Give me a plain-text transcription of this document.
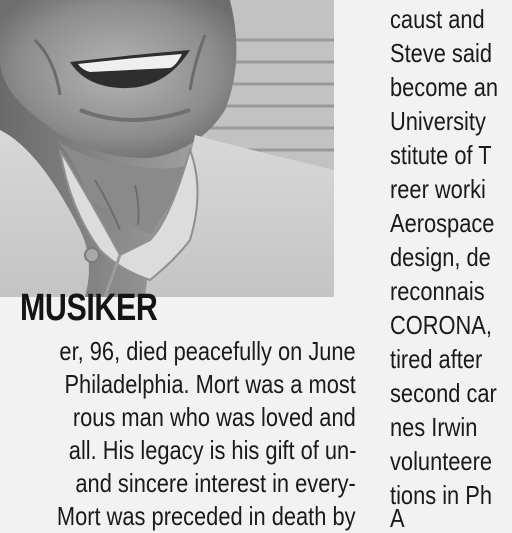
MUSIKER
er, 96, died peacefully on June
Philadelphia. Mort was a most
rous man who was loved and
all. His legacy is his gift of un-
and sincere interest in every-
Mort was preceded in death by
caust and
Steve said
become an
University
stitute of T
reer worki
Aerospace
design, de
reconnais
CORONA,
tired after
second car
nes Irwin
volunteere
tions in Ph
A
